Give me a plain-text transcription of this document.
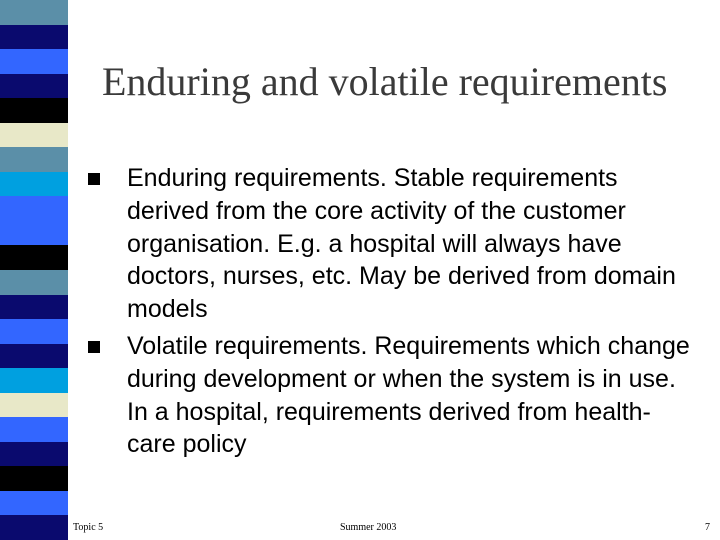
Enduring and volatile requirements
Enduring requirements. Stable requirements derived from the core activity of the customer organisation. E.g. a hospital will always have doctors, nurses, etc. May be derived from domain models
Volatile requirements. Requirements which change during development or when the system is in use. In a hospital, requirements derived from health-care policy
Topic 5	Summer 2003	7
